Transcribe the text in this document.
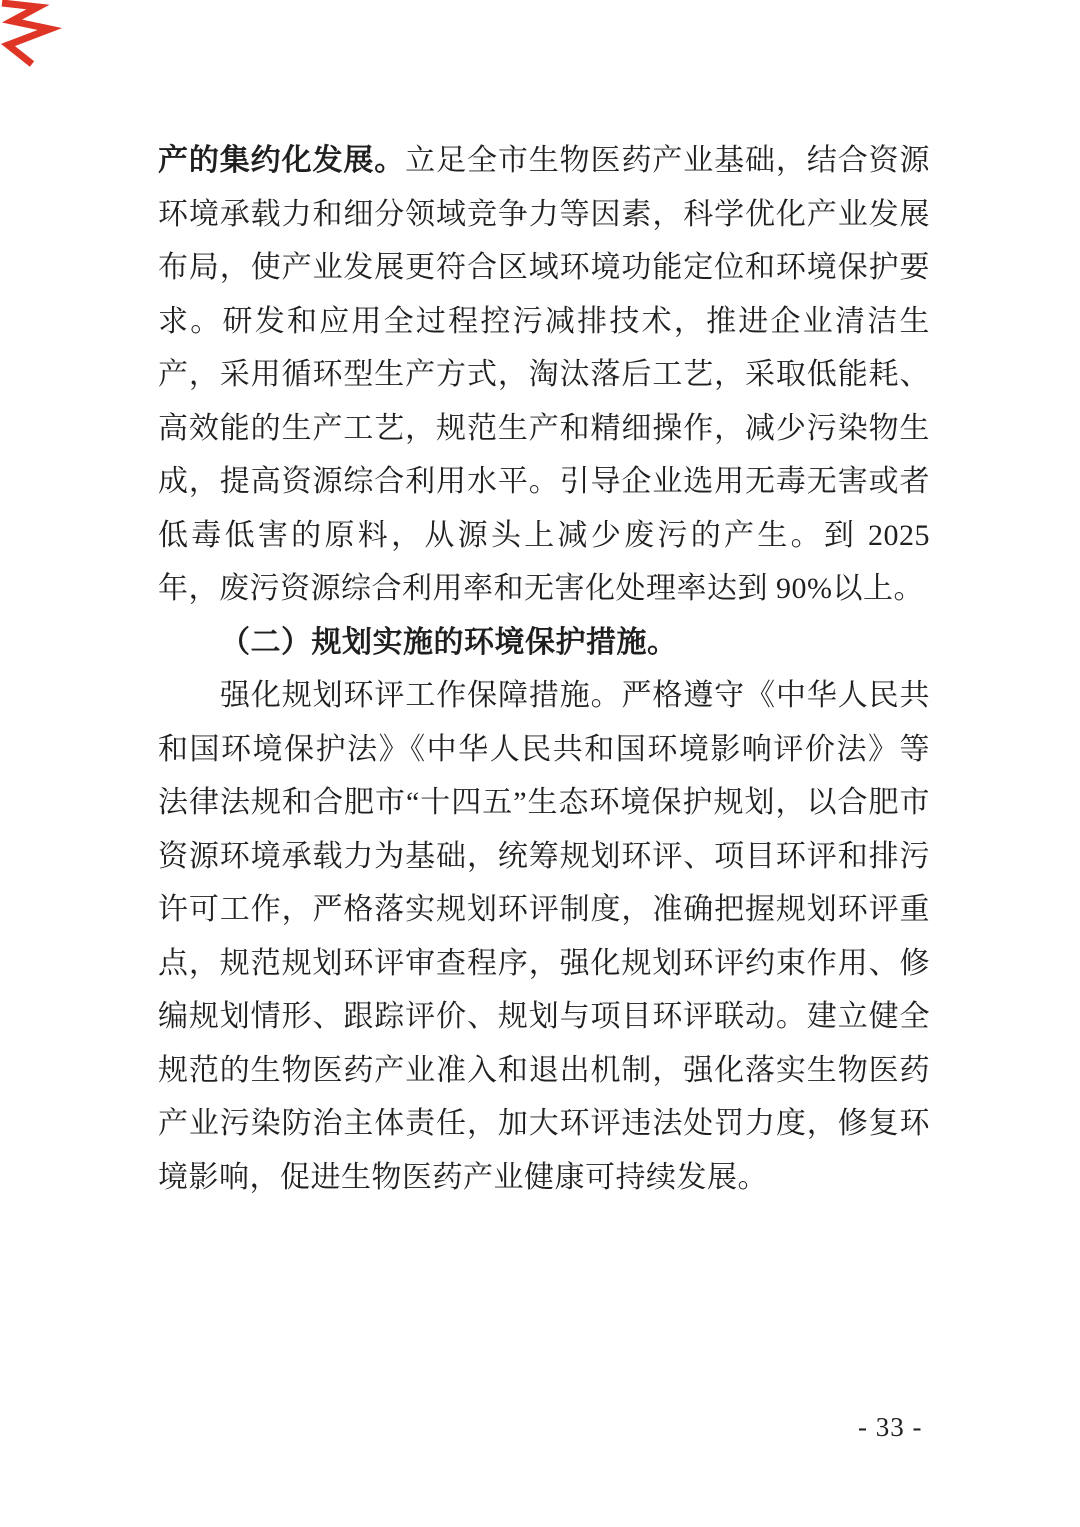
产的集约化发展。立足全市生物医药产业基础，结合资源环境承载力和细分领域竞争力等因素，科学优化产业发展布局，使产业发展更符合区域环境功能定位和环境保护要求。研发和应用全过程控污减排技术，推进企业清洁生产，采用循环型生产方式，淘汰落后工艺，采取低能耗、高效能的生产工艺，规范生产和精细操作，减少污染物生成，提高资源综合利用水平。引导企业选用无毒无害或者低毒低害的原料，从源头上减少废污的产生。到 2025 年，废污资源综合利用率和无害化处理率达到 90%以上。

（二）规划实施的环境保护措施。

强化规划环评工作保障措施。严格遵守《中华人民共和国环境保护法》《中华人民共和国环境影响评价法》等法律法规和合肥市“十四五”生态环境保护规划，以合肥市资源环境承载力为基础，统筹规划环评、项目环评和排污许可工作，严格落实规划环评制度，准确把握规划环评重点，规范规划环评审查程序，强化规划环评约束作用、修编规划情形、跟踪评价、规划与项目环评联动。建立健全规范的生物医药产业准入和退出机制，强化落实生物医药产业污染防治主体责任，加大环评违法处罚力度，修复环境影响，促进生物医药产业健康可持续发展。

- 33 -
